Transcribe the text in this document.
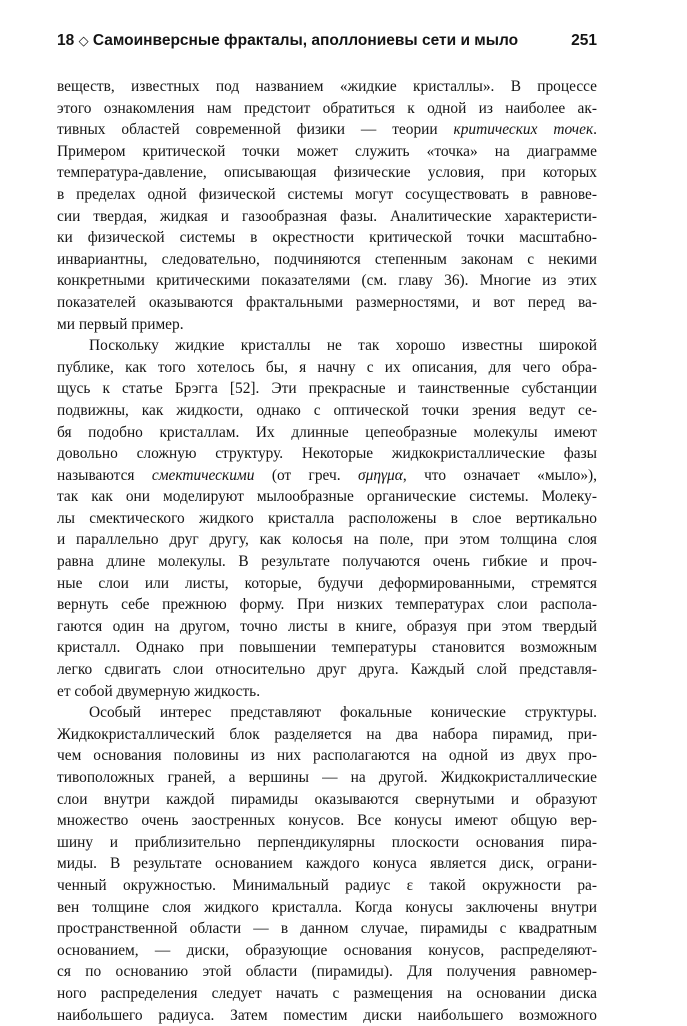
18 ◇ Самоинверсные фракталы, аполлониевы сети и мыло	251
веществ, известных под названием «жидкие кристаллы». В процессе
этого ознакомления нам предстоит обратиться к одной из наиболее ак-
тивных областей современной физики — теории критических точек.
Примером критической точки может служить «точка» на диаграмме
температура-давление, описывающая физические условия, при которых
в пределах одной физической системы могут сосуществовать в равнове-
сии твердая, жидкая и газообразная фазы. Аналитические характеристи-
ки физической системы в окрестности критической точки масштабно-
инвариантны, следовательно, подчиняются степенным законам с некими
конкретными критическими показателями (см. главу 36). Многие из этих
показателей оказываются фрактальными размерностями, и вот перед ва-
ми первый пример.
Поскольку жидкие кристаллы не так хорошо известны широкой
публике, как того хотелось бы, я начну с их описания, для чего обра-
щусь к статье Брэгга [52]. Эти прекрасные и таинственные субстанции
подвижны, как жидкости, однако с оптической точки зрения ведут се-
бя подобно кристаллам. Их длинные цепеобразные молекулы имеют
довольно сложную структуру. Некоторые жидкокристаллические фазы
называются смектическими (от греч. σμηγμα, что означает «мыло»),
так как они моделируют мылообразные органические системы. Молеку-
лы смектического жидкого кристалла расположены в слое вертикально
и параллельно друг другу, как колосья на поле, при этом толщина слоя
равна длине молекулы. В результате получаются очень гибкие и проч-
ные слои или листы, которые, будучи деформированными, стремятся
вернуть себе прежнюю форму. При низких температурах слои распола-
гаются один на другом, точно листы в книге, образуя при этом твердый
кристалл. Однако при повышении температуры становится возможным
легко сдвигать слои относительно друг друга. Каждый слой представля-
ет собой двумерную жидкость.
Особый интерес представляют фокальные конические структуры.
Жидкокристаллический блок разделяется на два набора пирамид, при-
чем основания половины из них располагаются на одной из двух про-
тивоположных граней, а вершины — на другой. Жидкокристаллические
слои внутри каждой пирамиды оказываются свернутыми и образуют
множество очень заостренных конусов. Все конусы имеют общую вер-
шину и приблизительно перпендикулярны плоскости основания пира-
миды. В результате основанием каждого конуса является диск, ограни-
ченный окружностью. Минимальный радиус ε такой окружности ра-
вен толщине слоя жидкого кристалла. Когда конусы заключены внутри
пространственной области — в данном случае, пирамиды с квадратным
основанием, — диски, образующие основания конусов, распределяют-
ся по основанию этой области (пирамиды). Для получения равномер-
ного распределения следует начать с размещения на основании диска
наибольшего радиуса. Затем поместим диски наибольшего возможного
